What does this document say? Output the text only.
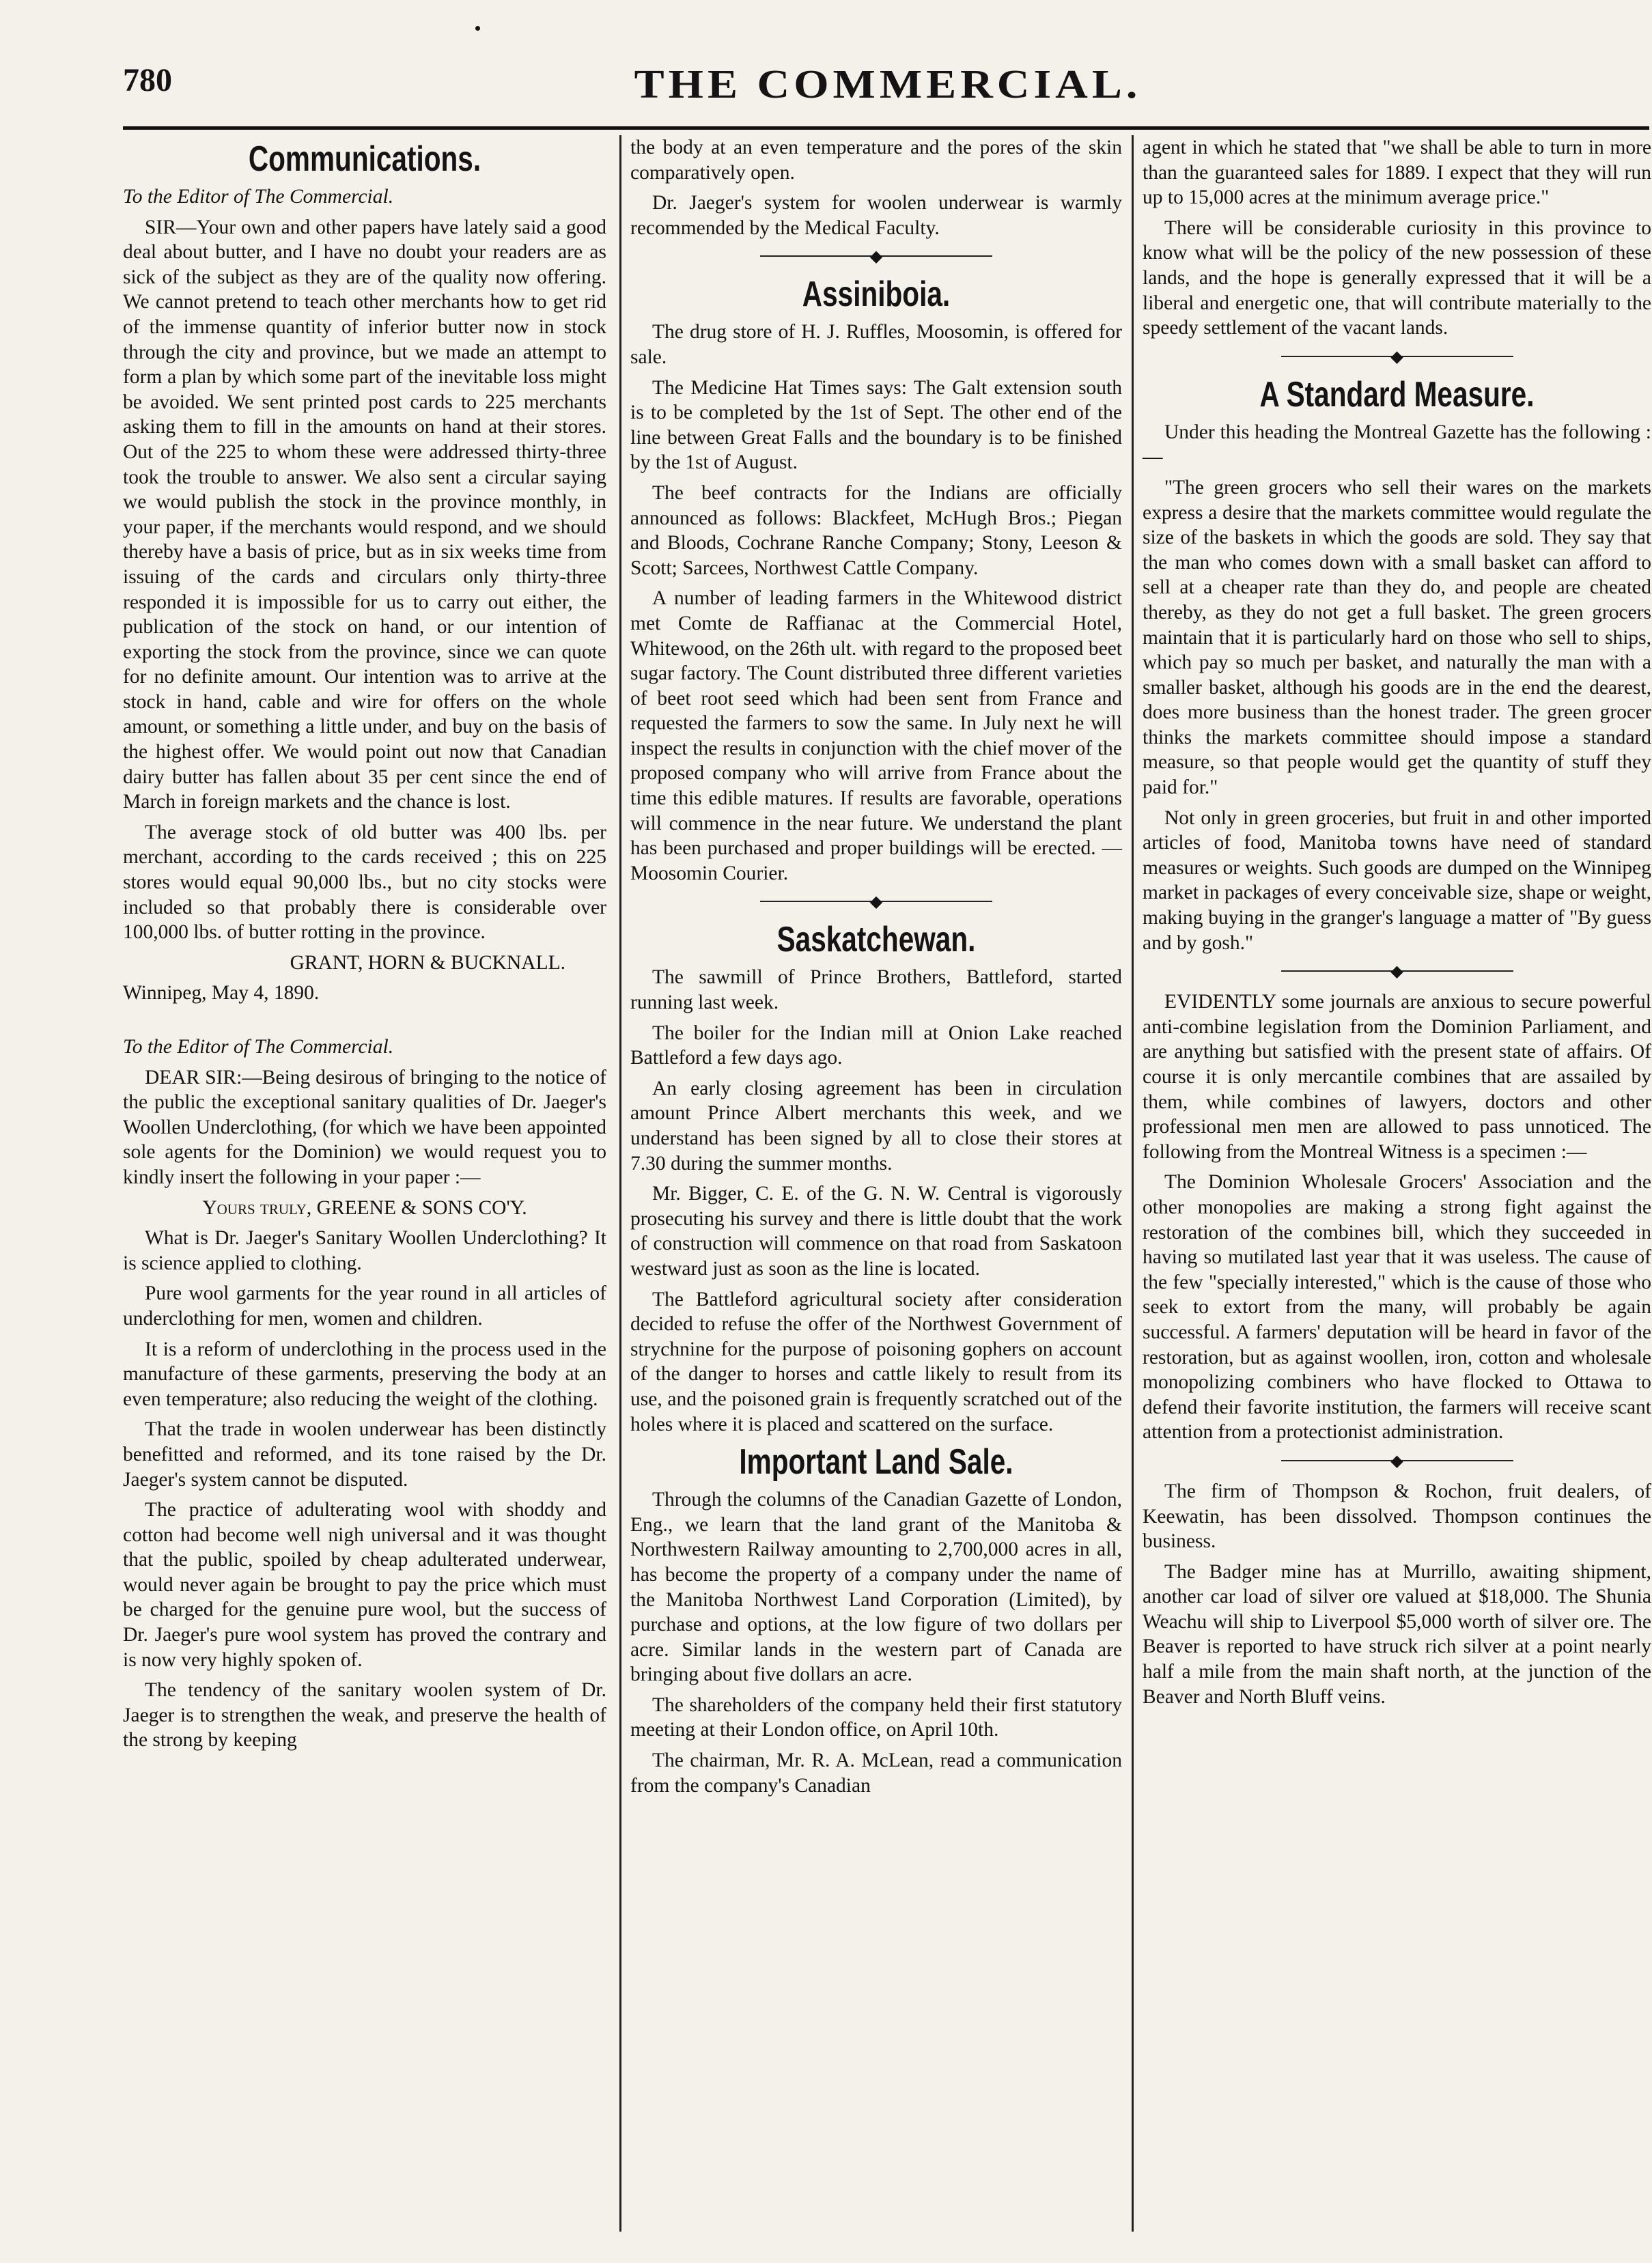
780	THE COMMERCIAL.
Communications.

To the Editor of The Commercial.

SIR—Your own and other papers have lately said a good deal about butter, and I have no doubt your readers are as sick of the subject as they are of the quality now offering. We cannot pretend to teach other merchants how to get rid of the immense quantity of inferior butter now in stock through the city and province, but we made an attempt to form a plan by which some part of the inevitable loss might be avoided. We sent printed post cards to 225 merchants asking them to fill in the amounts on hand at their stores. Out of the 225 to whom these were addressed thirty-three took the trouble to answer. We also sent a circular saying we would publish the stock in the province monthly, in your paper, if the merchants would respond, and we should thereby have a basis of price, but as in six weeks time from issuing of the cards and circulars only thirty-three responded it is impossible for us to carry out either, the publication of the stock on hand, or our intention of exporting the stock from the province, since we can quote for no definite amount. Our intention was to arrive at the stock in hand, cable and wire for offers on the whole amount, or something a little under, and buy on the basis of the highest offer. We would point out now that Canadian dairy butter has fallen about 35 per cent since the end of March in foreign markets and the chance is lost.

The average stock of old butter was 400 lbs. per merchant, according to the cards received ; this on 225 stores would equal 90,000 lbs., but no city stocks were included so that probably there is considerable over 100,000 lbs. of butter rotting in the province.

GRANT, HORN & BUCKNALL.

Winnipeg, May 4, 1890.

To the Editor of The Commercial.

DEAR SIR:—Being desirous of bringing to the notice of the public the exceptional sanitary qualities of Dr. Jaeger's Woollen Underclothing, (for which we have been appointed sole agents for the Dominion) we would request you to kindly insert the following in your paper :—

Yours truly, GREENE & SONS CO'Y.

What is Dr. Jaeger's Sanitary Woollen Underclothing? It is science applied to clothing.

Pure wool garments for the year round in all articles of underclothing for men, women and children.

It is a reform of underclothing in the process used in the manufacture of these garments, preserving the body at an even temperature; also reducing the weight of the clothing.

That the trade in woolen underwear has been distinctly benefitted and reformed, and its tone raised by the Dr. Jaeger's system cannot be disputed.

The practice of adulterating wool with shoddy and cotton had become well nigh universal and it was thought that the public, spoiled by cheap adulterated underwear, would never again be brought to pay the price which must be charged for the genuine pure wool, but the success of Dr. Jaeger's pure wool system has proved the contrary and is now very highly spoken of.

The tendency of the sanitary woolen system of Dr. Jaeger is to strengthen the weak, and preserve the health of the strong by keeping

the body at an even temperature and the pores of the skin comparatively open.

Dr. Jaeger's system for woolen underwear is warmly recommended by the Medical Faculty.

◆
Assiniboia.

The drug store of H. J. Ruffles, Moosomin, is offered for sale.

The Medicine Hat Times says: The Galt extension south is to be completed by the 1st of Sept. The other end of the line between Great Falls and the boundary is to be finished by the 1st of August.

The beef contracts for the Indians are officially announced as follows: Blackfeet, McHugh Bros.; Piegan and Bloods, Cochrane Ranche Company; Stony, Leeson & Scott; Sarcees, Northwest Cattle Company.

A number of leading farmers in the Whitewood district met Comte de Raffianac at the Commercial Hotel, Whitewood, on the 26th ult. with regard to the proposed beet sugar factory. The Count distributed three different varieties of beet root seed which had been sent from France and requested the farmers to sow the same. In July next he will inspect the results in conjunction with the chief mover of the proposed company who will arrive from France about the time this edible matures. If results are favorable, operations will commence in the near future. We understand the plant has been purchased and proper buildings will be erected. —Moosomin Courier.

◆
Saskatchewan.

The sawmill of Prince Brothers, Battleford, started running last week.

The boiler for the Indian mill at Onion Lake reached Battleford a few days ago.

An early closing agreement has been in circulation amount Prince Albert merchants this week, and we understand has been signed by all to close their stores at 7.30 during the summer months.

Mr. Bigger, C. E. of the G. N. W. Central is vigorously prosecuting his survey and there is little doubt that the work of construction will commence on that road from Saskatoon westward just as soon as the line is located.

The Battleford agricultural society after consideration decided to refuse the offer of the Northwest Government of strychnine for the purpose of poisoning gophers on account of the danger to horses and cattle likely to result from its use, and the poisoned grain is frequently scratched out of the holes where it is placed and scattered on the surface.

Important Land Sale.

Through the columns of the Canadian Gazette of London, Eng., we learn that the land grant of the Manitoba & Northwestern Railway amounting to 2,700,000 acres in all, has become the property of a company under the name of the Manitoba Northwest Land Corporation (Limited), by purchase and options, at the low figure of two dollars per acre. Similar lands in the western part of Canada are bringing about five dollars an acre.

The shareholders of the company held their first statutory meeting at their London office, on April 10th.

The chairman, Mr. R. A. McLean, read a communication from the company's Canadian

agent in which he stated that "we shall be able to turn in more than the guaranteed sales for 1889. I expect that they will run up to 15,000 acres at the minimum average price."

There will be considerable curiosity in this province to know what will be the policy of the new possession of these lands, and the hope is generally expressed that it will be a liberal and energetic one, that will contribute materially to the speedy settlement of the vacant lands.

◆
A Standard Measure.

Under this heading the Montreal Gazette has the following :—

"The green grocers who sell their wares on the markets express a desire that the markets committee would regulate the size of the baskets in which the goods are sold. They say that the man who comes down with a small basket can afford to sell at a cheaper rate than they do, and people are cheated thereby, as they do not get a full basket. The green grocers maintain that it is particularly hard on those who sell to ships, which pay so much per basket, and naturally the man with a smaller basket, although his goods are in the end the dearest, does more business than the honest trader. The green grocer thinks the markets committee should impose a standard measure, so that people would get the quantity of stuff they paid for."

Not only in green groceries, but fruit in and other imported articles of food, Manitoba towns have need of standard measures or weights. Such goods are dumped on the Winnipeg market in packages of every conceivable size, shape or weight, making buying in the granger's language a matter of "By guess and by gosh."

◆

EVIDENTLY some journals are anxious to secure powerful anti-combine legislation from the Dominion Parliament, and are anything but satisfied with the present state of affairs. Of course it is only mercantile combines that are assailed by them, while combines of lawyers, doctors and other professional men men are allowed to pass unnoticed. The following from the Montreal Witness is a specimen :—

The Dominion Wholesale Grocers' Association and the other monopolies are making a strong fight against the restoration of the combines bill, which they succeeded in having so mutilated last year that it was useless. The cause of the few "specially interested," which is the cause of those who seek to extort from the many, will probably be again successful. A farmers' deputation will be heard in favor of the restoration, but as against woollen, iron, cotton and wholesale monopolizing combiners who have flocked to Ottawa to defend their favorite institution, the farmers will receive scant attention from a protectionist administration.

◆

The firm of Thompson & Rochon, fruit dealers, of Keewatin, has been dissolved. Thompson continues the business.

The Badger mine has at Murrillo, awaiting shipment, another car load of silver ore valued at $18,000. The Shunia Weachu will ship to Liverpool $5,000 worth of silver ore. The Beaver is reported to have struck rich silver at a point nearly half a mile from the main shaft north, at the junction of the Beaver and North Bluff veins.
